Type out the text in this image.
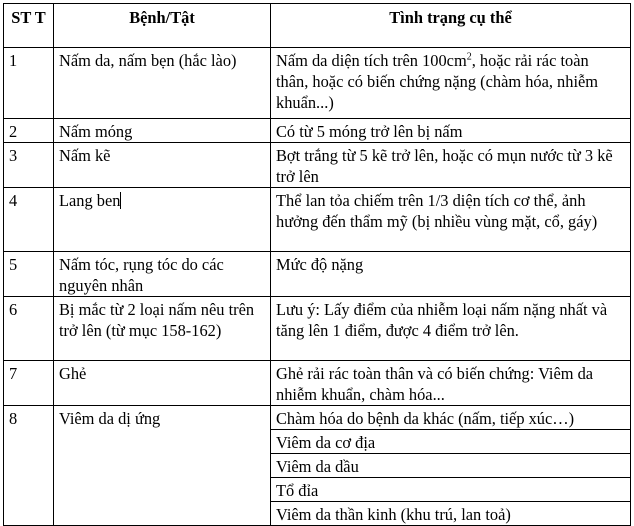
ST T	Bệnh/Tật	Tình trạng cụ thể
1	Nấm da, nấm bẹn (hắc lào)	Nấm da diện tích trên $100cm^2$, hoặc rải rác toàn thân, hoặc có biến chứng nặng (chàm hóa, nhiễm khuẩn...)
2	Nấm móng	Có từ 5 móng trở lên bị nấm
3	Nấm kẽ	Bợt trắng từ 5 kẽ trở lên, hoặc có mụn nước từ 3 kẽ trở lên
4	Lang ben	Thể lan tỏa chiếm trên 1/3 diện tích cơ thể, ảnh hưởng đến thẩm mỹ (bị nhiều vùng mặt, cổ, gáy)
5	Nấm tóc, rụng tóc do các nguyên nhân	Mức độ nặng
6	Bị mắc từ 2 loại nấm nêu trên trở lên (từ mục 158-162)	Lưu ý: Lấy điểm của nhiễm loại nấm nặng nhất và tăng lên 1 điểm, được 4 điểm trở lên.
7	Ghẻ	Ghẻ rải rác toàn thân và có biến chứng: Viêm da nhiễm khuẩn, chàm hóa...
8	Viêm da dị ứng	Chàm hóa do bệnh da khác (nấm, tiếp xúc…)
		Viêm da cơ địa
		Viêm da dầu
		Tổ đỉa
		Viêm da thần kinh (khu trú, lan toả)
